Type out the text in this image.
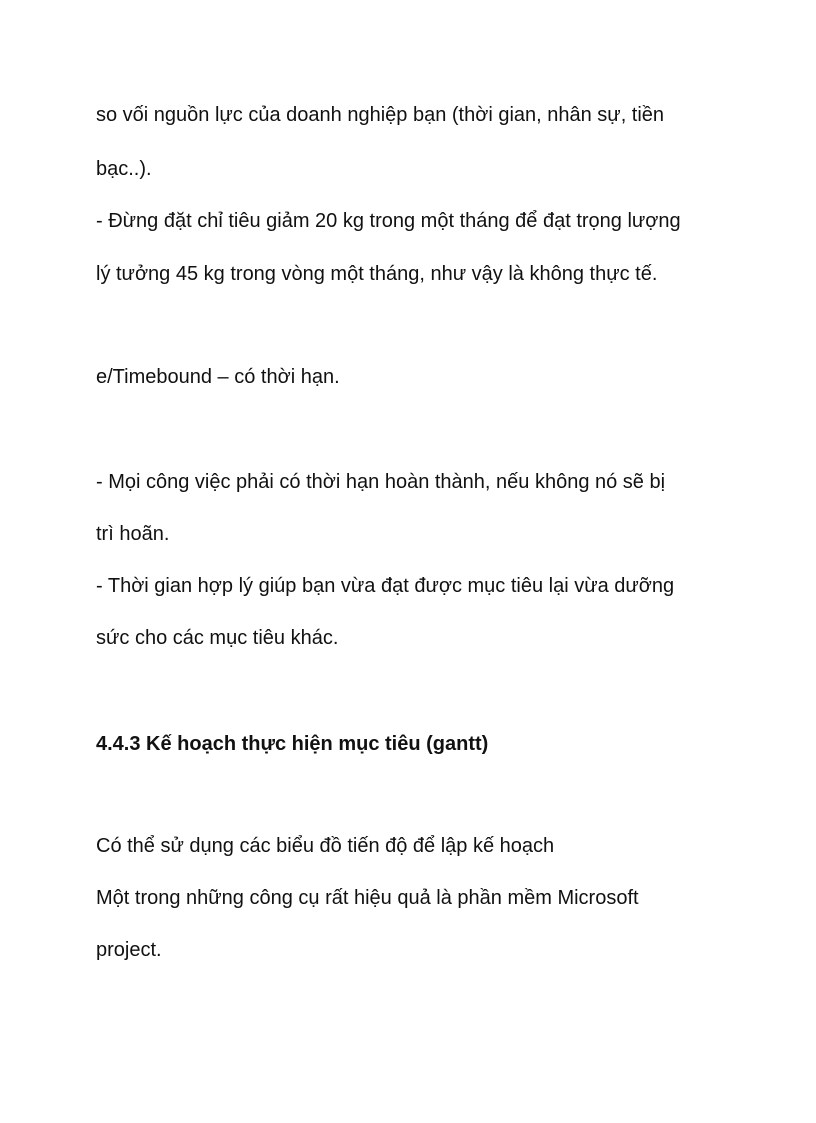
so vối nguồn lực của doanh nghiệp bạn (thời gian, nhân sự, tiền
bạc..).
- Đừng đặt chỉ tiêu giảm 20 kg trong một tháng để đạt trọng lượng
lý tưởng 45 kg trong vòng một tháng, như vậy là không thực tế.
e/Timebound – có thời hạn.
- Mọi công việc phải có thời hạn hoàn thành, nếu không nó sẽ bị
trì hoãn.
- Thời gian hợp lý giúp bạn vừa đạt được mục tiêu lại vừa dưỡng
sức cho các mục tiêu khác.
4.4.3 Kế hoạch thực hiện mục tiêu (gantt)
Có thể sử dụng các biểu đồ tiến độ để lập kế hoạch
Một trong những công cụ rất hiệu quả là phần mềm Microsoft
project.
